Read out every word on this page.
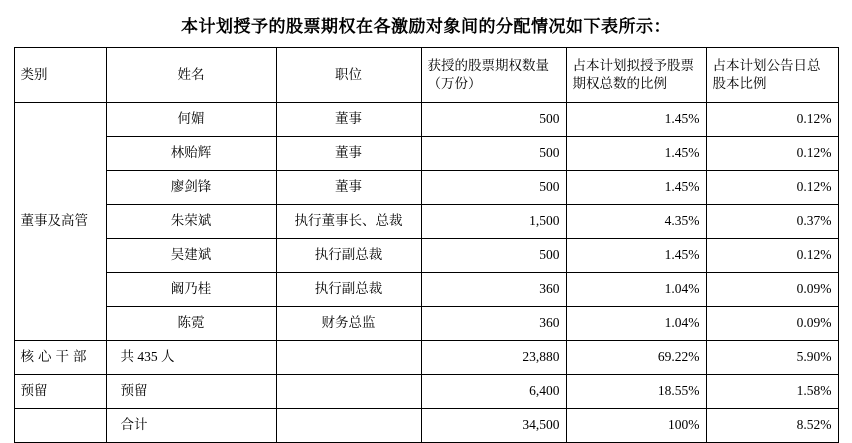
本计划授予的股票期权在各激励对象间的分配情况如下表所示：
类别	姓名	职位	获授的股票期权数量（万份）	占本计划拟授予股票期权总数的比例	占本计划公告日总股本比例
董事及高管	何媚	董事	500	1.45%	0.12%
	林贻辉	董事	500	1.45%	0.12%
	廖剑锋	董事	500	1.45%	0.12%
	朱荣斌	执行董事长、总裁	1,500	4.35%	0.37%
	吴建斌	执行副总裁	500	1.45%	0.12%
	阚乃桂	执行副总裁	360	1.04%	0.09%
	陈霓	财务总监	360	1.04%	0.09%
核心干部	共 435 人		23,880	69.22%	5.90%
预留	预留		6,400	18.55%	1.58%
	合计		34,500	100%	8.52%
